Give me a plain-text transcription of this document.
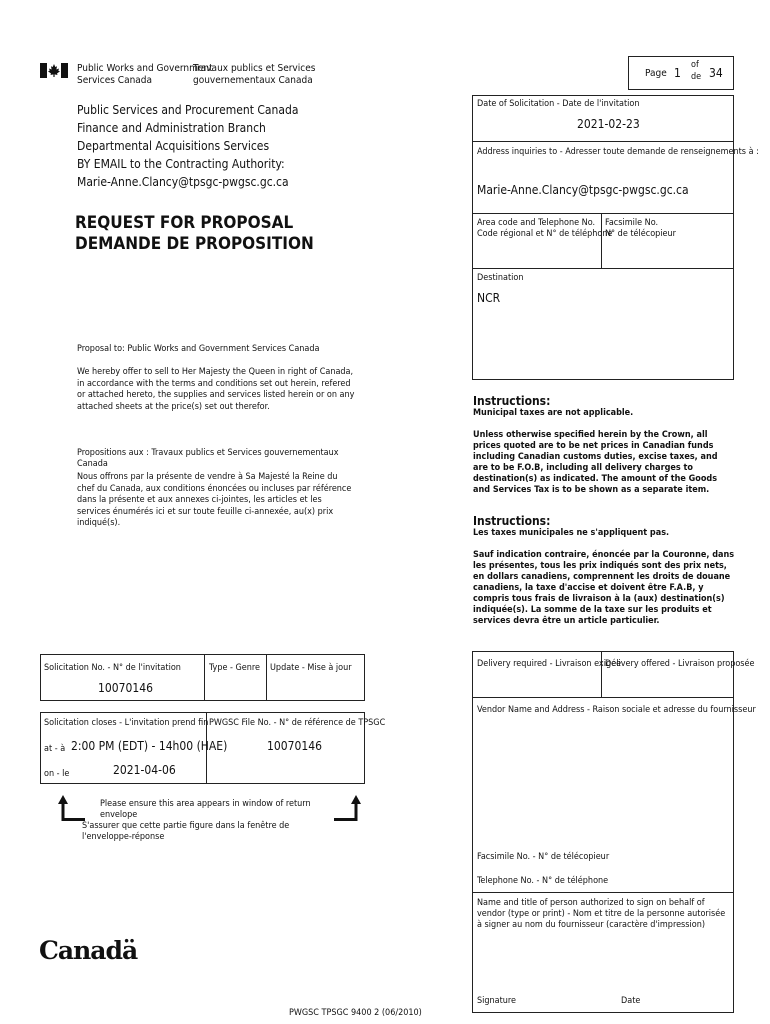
Public Works and Government
Services Canada
Travaux publics et Services
gouvernementaux Canada
Public Services and Procurement Canada
Finance and Administration Branch
Departmental Acquisitions Services
BY EMAIL to the Contracting Authority:
Marie-Anne.Clancy@tpsgc-pwgsc.gc.ca
REQUEST FOR PROPOSAL
DEMANDE DE PROPOSITION
Proposal to: Public Works and Government Services Canada
We hereby offer to sell to Her Majesty the Queen in right of Canada, in accordance with the terms and conditions set out herein, refered or attached hereto, the supplies and services listed herein or on any attached sheets at the price(s) set out therefor.
Propositions aux : Travaux publics et Services gouvernementaux Canada
Nous offrons par la présente de vendre à Sa Majesté la Reine du chef du Canada, aux conditions énoncées ou incluses par référence dans la présente et aux annexes ci-jointes, les articles et les services énumérés ici et sur toute feuille ci-annexée, au(x) prix indiqué(s).
Page 1
of
de 34
Date of Solicitation - Date de l'invitation
2021-02-23
Address inquiries to - Adresser toute demande de renseignements à :
Marie-Anne.Clancy@tpsgc-pwgsc.gc.ca
Area code and Telephone No.
Code régional et N° de téléphone
Facsimile No.
N° de télécopieur
Destination
NCR
Instructions:
Municipal taxes are not applicable.
Unless otherwise specified herein by the Crown, all prices quoted are to be net prices in Canadian funds including Canadian customs duties, excise taxes, and are to be F.O.B, including all delivery charges to destination(s) as indicated. The amount of the Goods and Services Tax is to be shown as a separate item.
Instructions:
Les taxes municipales ne s'appliquent pas.
Sauf indication contraire, énoncée par la Couronne, dans les présentes, tous les prix indiqués sont des prix nets, en dollars canadiens, comprennent les droits de douane canadiens, la taxe d'accise et doivent être F.A.B, y compris tous frais de livraison à la (aux) destination(s) indiquée(s). La somme de la taxe sur les produits et services devra être un article particulier.
Solicitation No. - N° de l'invitation
10070146
Type - Genre Update - Mise à jour
Solicitation closes - L'invitation prend fin
at - à 2:00 PM (EDT) - 14h00 (HAE)
on - le	2021-04-06
PWGSC File No. - N° de référence de TPSGC
10070146
Please ensure this area appears in window of return envelope
S'assurer que cette partie figure dans la fenêtre de l'enveloppe-réponse
Delivery required - Livraison exigée
Delivery offered - Livraison proposée
Vendor Name and Address - Raison sociale et adresse du fournisseur
Facsimile No. - N° de télécopieur
Telephone No. - N° de téléphone
Name and title of person authorized to sign on behalf of vendor (type or print) - Nom et titre de la personne autorisée à signer au nom du fournisseur (caractère d'impression)
Signature	Date
Canadä
PWGSC TPSGC 9400 2 (06/2010)
